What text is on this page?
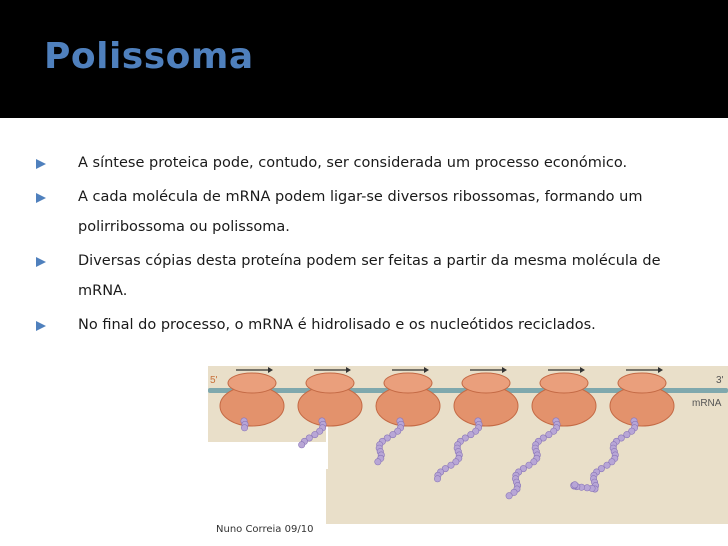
Polissoma
A síntese proteica pode, contudo, ser considerada um processo económico.
A cada molécula de mRNA podem ligar-se diversos ribossomas, formando um polirribossoma ou polissoma.
Diversas cópias desta proteína podem ser feitas a partir da mesma molécula de mRNA.
No final do processo, o mRNA é hidrolisado e os nucleótidos reciclados.
5'	3'
mRNA
Nuno Correia 09/10
